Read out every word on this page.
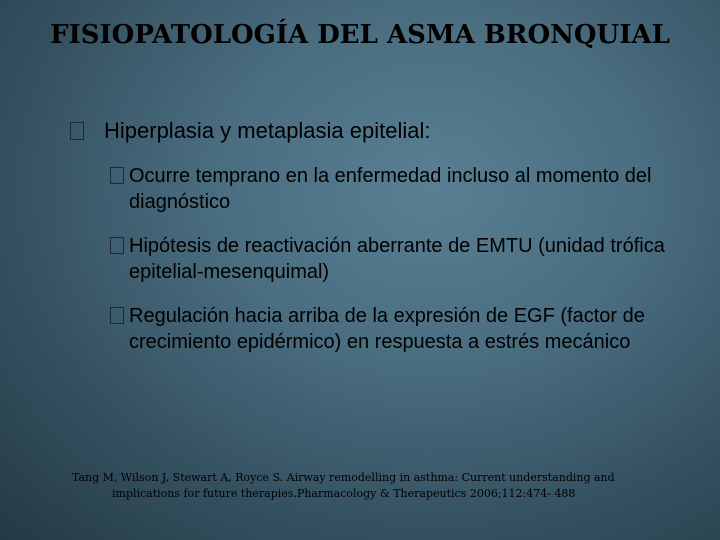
FISIOPATOLOGÍA DEL ASMA BRONQUIAL
Hiperplasia y metaplasia epitelial:
Ocurre temprano en la enfermedad incluso al momento del diagnóstico
Hipótesis de reactivación aberrante de EMTU (unidad trófica epitelial-mesenquimal)
Regulación hacia arriba de la expresión de EGF (factor de crecimiento epidérmico) en respuesta a estrés mecánico
Tang M, Wilson J, Stewart A, Royce S. Airway remodelling in asthma: Current understanding and
implications for future therapies.Pharmacology & Therapeutics 2006;112:474- 488
